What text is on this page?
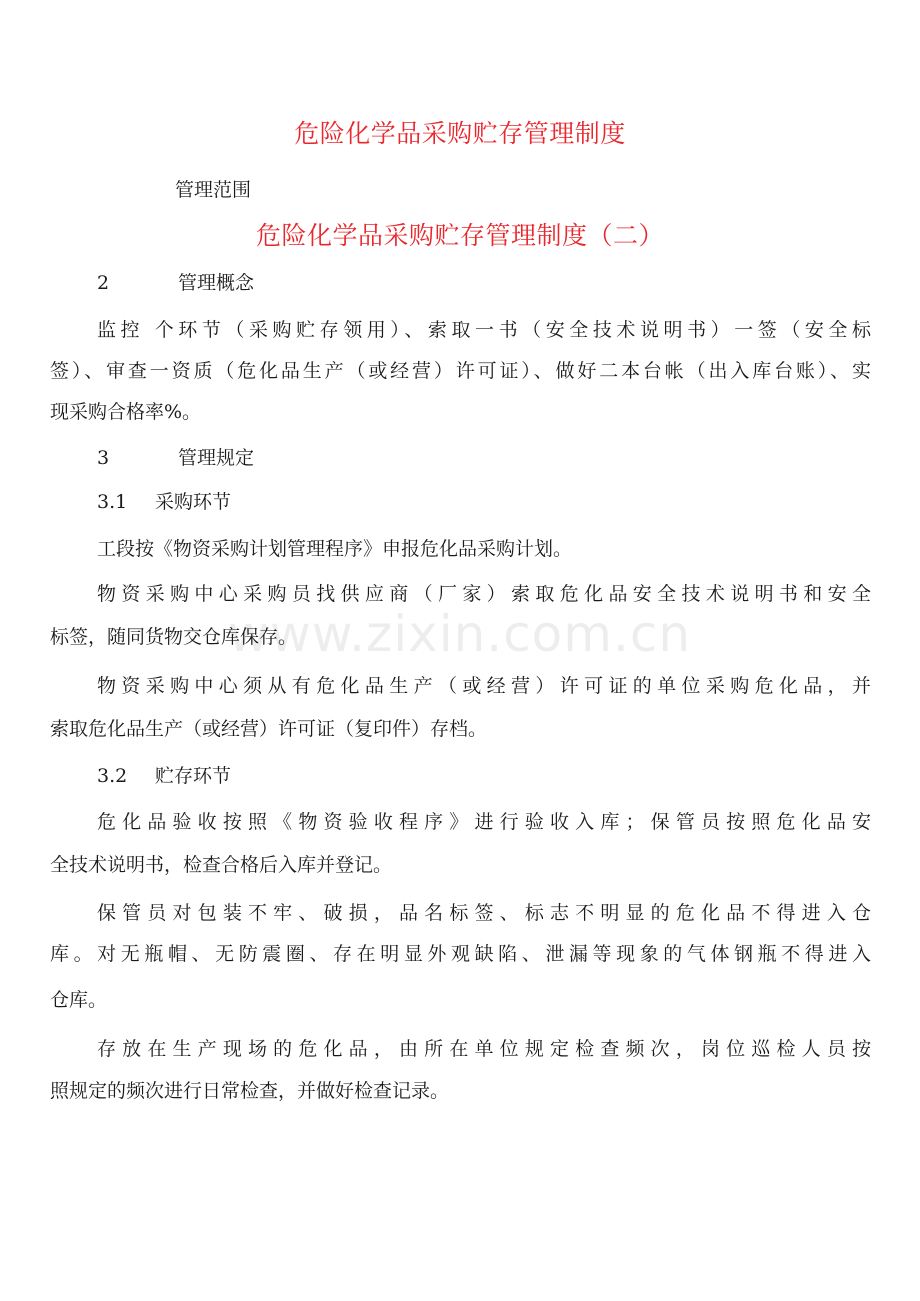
危险化学品采购贮存管理制度
管理范围
危险化学品采购贮存管理制度（二）
2	管理概念
监控 个环节（采购贮存领用）、索取一书（安全技术说明书）一签（安全标
签）、审查一资质（危化品生产（或经营）许可证）、做好二本台帐（出入库台账）、实
现采购合格率%。
3	管理规定
3.1 采购环节
工段按《物资采购计划管理程序》申报危化品采购计划。
物资采购中心采购员找供应商（厂家）索取危化品安全技术说明书和安全
标签，随同货物交仓库保存。
物资采购中心须从有危化品生产（或经营）许可证的单位采购危化品，并
索取危化品生产（或经营）许可证（复印件）存档。
3.2 贮存环节
危化品验收按照《物资验收程序》进行验收入库；保管员按照危化品安
全技术说明书，检查合格后入库并登记。
保管员对包装不牢、破损，品名标签、标志不明显的危化品不得进入仓
库。对无瓶帽、无防震圈、存在明显外观缺陷、泄漏等现象的气体钢瓶不得进入
仓库。
存放在生产现场的危化品，由所在单位规定检查频次，岗位巡检人员按
照规定的频次进行日常检查，并做好检查记录。
www.zixin.com.cn
